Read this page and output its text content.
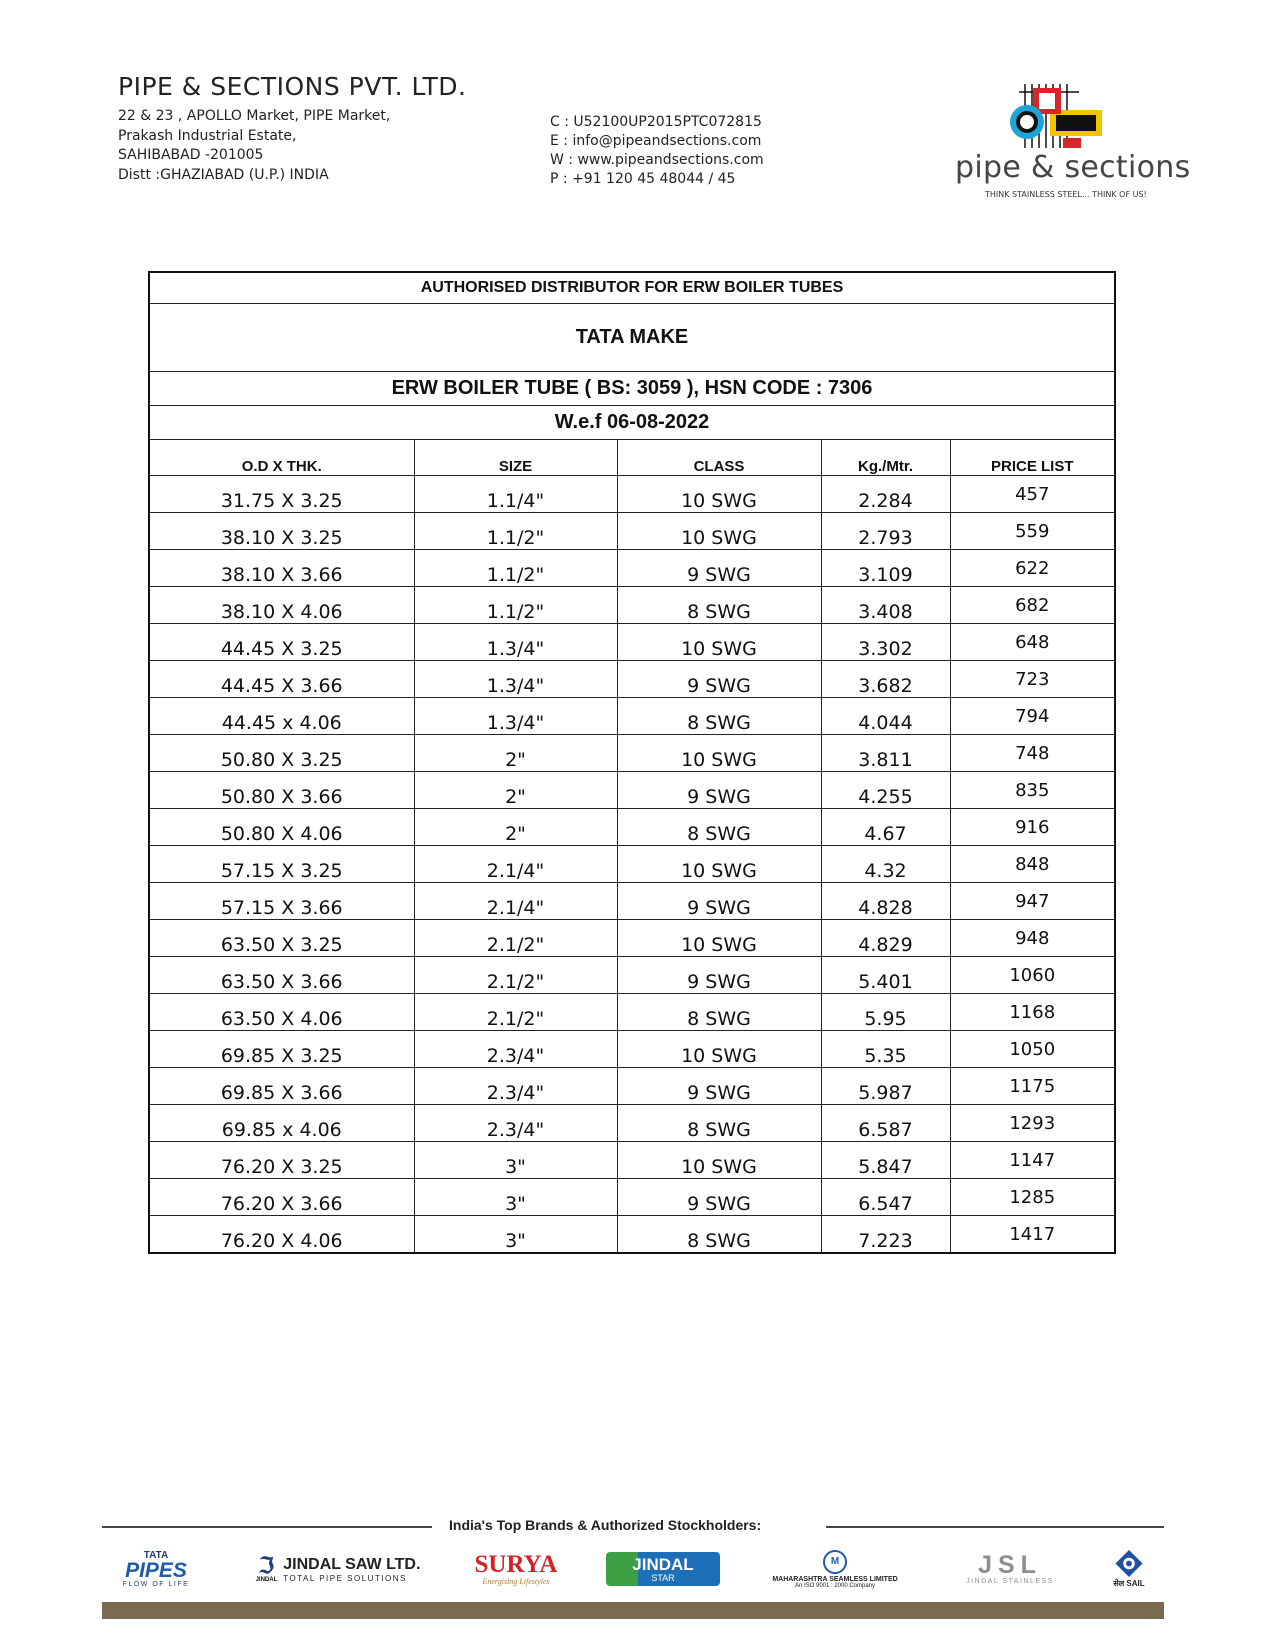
PIPE & SECTIONS PVT. LTD.
22 & 23 , APOLLO Market, PIPE Market,
Prakash Industrial Estate,
SAHIBABAD -201005
Distt :GHAZIABAD (U.P.) INDIA
C : U52100UP2015PTC072815
E : info@pipeandsections.com
W : www.pipeandsections.com
P : +91 120 45 48044 / 45	pipe & sections
THINK STAINLESS STEEL... THINK OF US!
AUTHORISED DISTRIBUTOR FOR ERW BOILER TUBES				
TATA MAKE				
ERW BOILER TUBE ( BS: 3059 ), HSN CODE : 7306				
W.e.f 06-08-2022				
O.D X THK.	SIZE	CLASS	Kg./Mtr.	PRICE LIST
31.75 X 3.25	1.1/4"	10 SWG	2.284	457
38.10 X 3.25	1.1/2"	10 SWG	2.793	559
38.10 X 3.66	1.1/2"	9 SWG	3.109	622
38.10 X 4.06	1.1/2"	8 SWG	3.408	682
44.45 X 3.25	1.3/4"	10 SWG	3.302	648
44.45 X 3.66	1.3/4"	9 SWG	3.682	723
44.45 x 4.06	1.3/4"	8 SWG	4.044	794
50.80 X 3.25	2"	10 SWG	3.811	748
50.80 X 3.66	2"	9 SWG	4.255	835
50.80 X 4.06	2"	8 SWG	4.67	916
57.15 X 3.25	2.1/4"	10 SWG	4.32	848
57.15 X 3.66	2.1/4"	9 SWG	4.828	947
63.50 X 3.25	2.1/2"	10 SWG	4.829	948
63.50 X 3.66	2.1/2"	9 SWG	5.401	1060
63.50 X 4.06	2.1/2"	8 SWG	5.95	1168
69.85 X 3.25	2.3/4"	10 SWG	5.35	1050
69.85 X 3.66	2.3/4"	9 SWG	5.987	1175
69.85 x 4.06	2.3/4"	8 SWG	6.587	1293
76.20 X 3.25	3"	10 SWG	5.847	1147
76.20 X 3.66	3"	9 SWG	6.547	1285
76.20 X 4.06	3"	8 SWG	7.223	1417
India's Top Brands & Authorized Stockholders:
TATA
PIPES
FLOW OF LIFE
ℑ
JINDAL
JINDAL SAW LTD.
TOTAL PIPE SOLUTIONS
SURYA
Energising Lifestyles
JINDAL
STAR
M
MAHARASHTRA SEAMLESS LIMITED
An ISO 9001 : 2000 Company
JSL
JINDAL STAINLESS	सेल SAIL
